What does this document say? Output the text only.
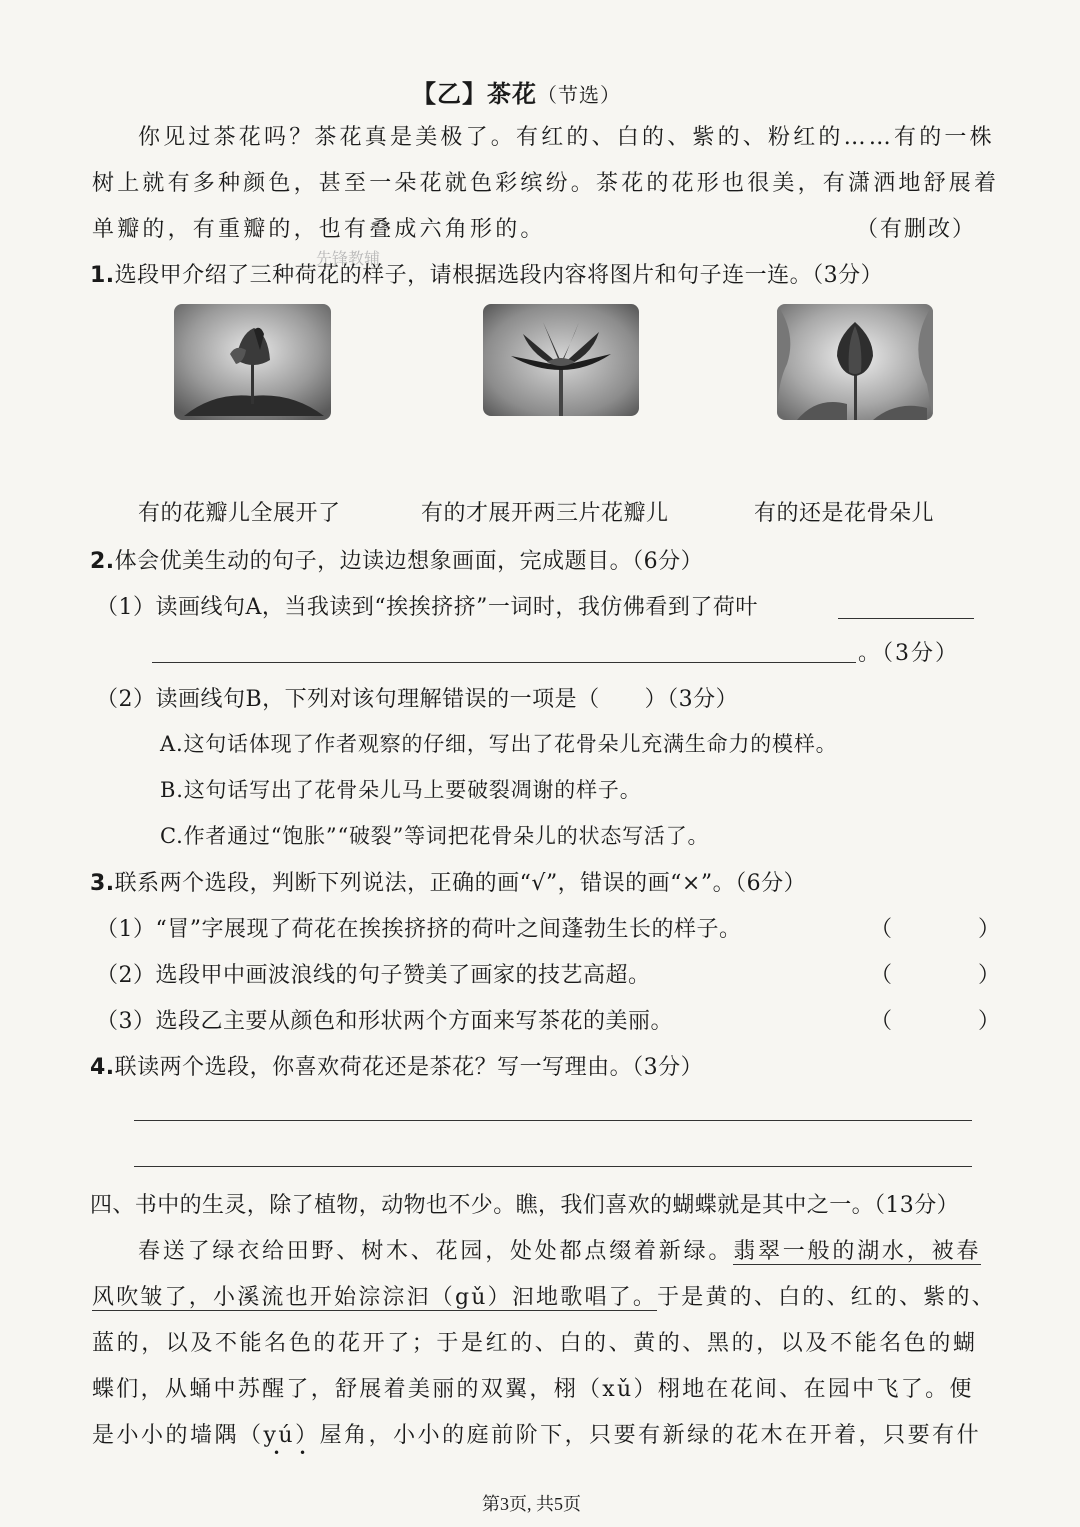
【乙】茶花（节选）
你见过茶花吗？茶花真是美极了。有红的、白的、紫的、粉红的……有的一株
树上就有多种颜色，甚至一朵花就色彩缤纷。茶花的花形也很美，有潇洒地舒展着
单瓣的，有重瓣的，也有叠成六角形的。	（有删改）
先锋教辅
1.选段甲介绍了三种荷花的样子，请根据选段内容将图片和句子连一连。（3分）
有的花瓣儿全展开了	有的才展开两三片花瓣儿	有的还是花骨朵儿
2.体会优美生动的句子，边读边想象画面，完成题目。（6分）
（1）读画线句A，当我读到“挨挨挤挤”一词时，我仿佛看到了荷叶
。（3分）
（2）读画线句B，下列对该句理解错误的一项是（　　）（3分）
A.这句话体现了作者观察的仔细，写出了花骨朵儿充满生命力的模样。
B.这句话写出了花骨朵儿马上要破裂凋谢的样子。
C.作者通过“饱胀”“破裂”等词把花骨朵儿的状态写活了。
3.联系两个选段，判断下列说法，正确的画“√”，错误的画“×”。（6分）
（1）“冒”字展现了荷花在挨挨挤挤的荷叶之间蓬勃生长的样子。	（　　）
（2）选段甲中画波浪线的句子赞美了画家的技艺高超。	（　　）
（3）选段乙主要从颜色和形状两个方面来写茶花的美丽。	（　　）
4.联读两个选段，你喜欢荷花还是茶花？写一写理由。（3分）
四、书中的生灵，除了植物，动物也不少。瞧，我们喜欢的蝴蝶就是其中之一。（13分）
春送了绿衣给田野、树木、花园，处处都点缀着新绿。翡翠一般的湖水，被春
风吹皱了，小溪流也开始淙淙汩（gǔ）汩地歌唱了。于是黄的、白的、红的、紫的、
蓝的，以及不能名色的花开了；于是红的、白的、黄的、黑的，以及不能名色的蝴
蝶们，从蛹中苏醒了，舒展着美丽的双翼，栩（xǔ）栩地在花间、在园中飞了。便
是小小的墙隅（yú）屋角，小小的庭前阶下，只要有新绿的花木在开着，只要有什
• •
第3页, 共5页
